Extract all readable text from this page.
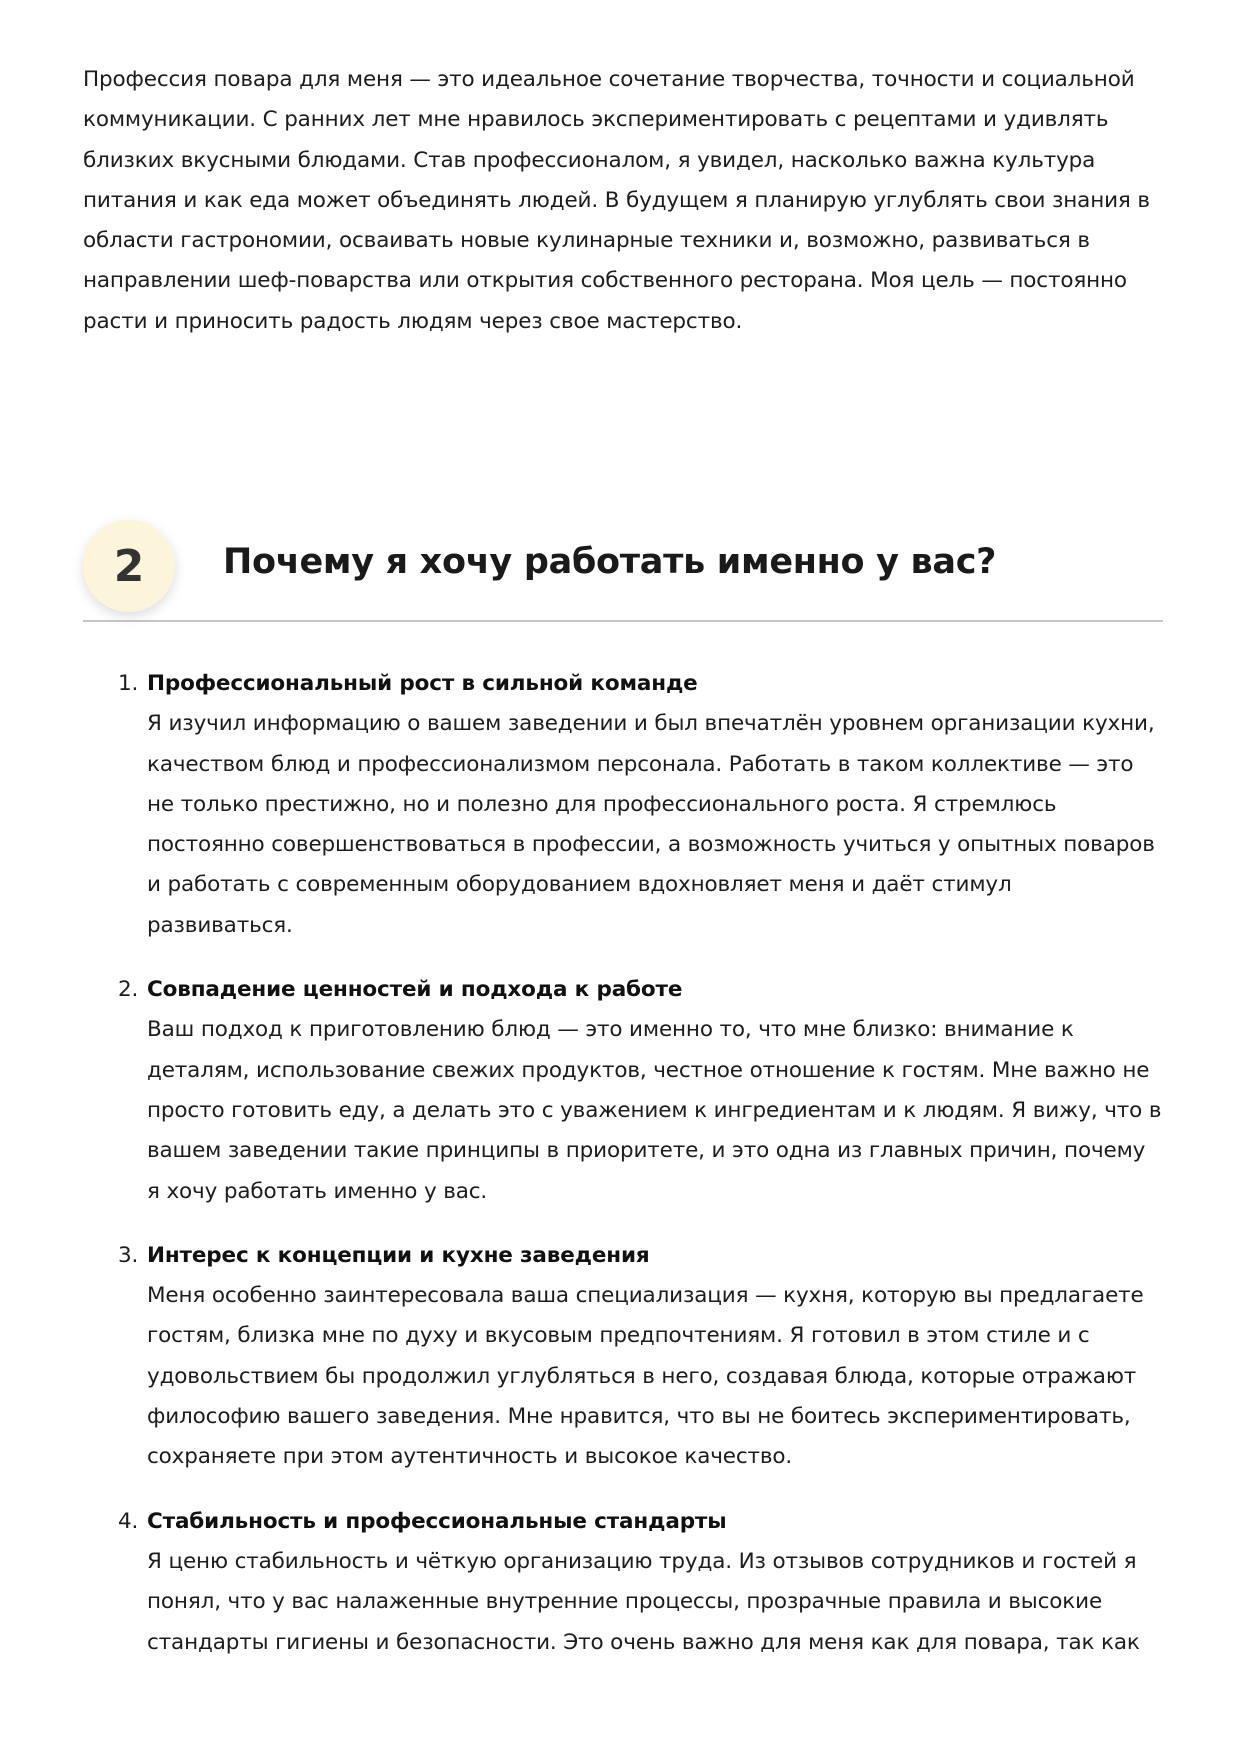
Профессия повара для меня — это идеальное сочетание творчества, точности и социальной коммуникации. С ранних лет мне нравилось экспериментировать с рецептами и удивлять близких вкусными блюдами. Став профессионалом, я увидел, насколько важна культура питания и как еда может объединять людей. В будущем я планирую углублять свои знания в области гастрономии, осваивать новые кулинарные техники и, возможно, развиваться в направлении шеф-поварства или открытия собственного ресторана. Моя цель — постоянно расти и приносить радость людям через свое мастерство.

2	Почему я хочу работать именно у вас?
1. Профессиональный рост в сильной команде
Я изучил информацию о вашем заведении и был впечатлён уровнем организации кухни, качеством блюд и профессионализмом персонала. Работать в таком коллективе — это не только престижно, но и полезно для профессионального роста. Я стремлюсь постоянно совершенствоваться в профессии, а возможность учиться у опытных поваров и работать с современным оборудованием вдохновляет меня и даёт стимул развиваться.
2. Совпадение ценностей и подхода к работе
Ваш подход к приготовлению блюд — это именно то, что мне близко: внимание к деталям, использование свежих продуктов, честное отношение к гостям. Мне важно не просто готовить еду, а делать это с уважением к ингредиентам и к людям. Я вижу, что в вашем заведении такие принципы в приоритете, и это одна из главных причин, почему я хочу работать именно у вас.
3. Интерес к концепции и кухне заведения
Меня особенно заинтересовала ваша специализация — кухня, которую вы предлагаете гостям, близка мне по духу и вкусовым предпочтениям. Я готовил в этом стиле и с удовольствием бы продолжил углубляться в него, создавая блюда, которые отражают философию вашего заведения. Мне нравится, что вы не боитесь экспериментировать, сохраняете при этом аутентичность и высокое качество.
4. Стабильность и профессиональные стандарты
Я ценю стабильность и чёткую организацию труда. Из отзывов сотрудников и гостей я понял, что у вас налаженные внутренние процессы, прозрачные правила и высокие стандарты гигиены и безопасности. Это очень важно для меня как для повара, так как
